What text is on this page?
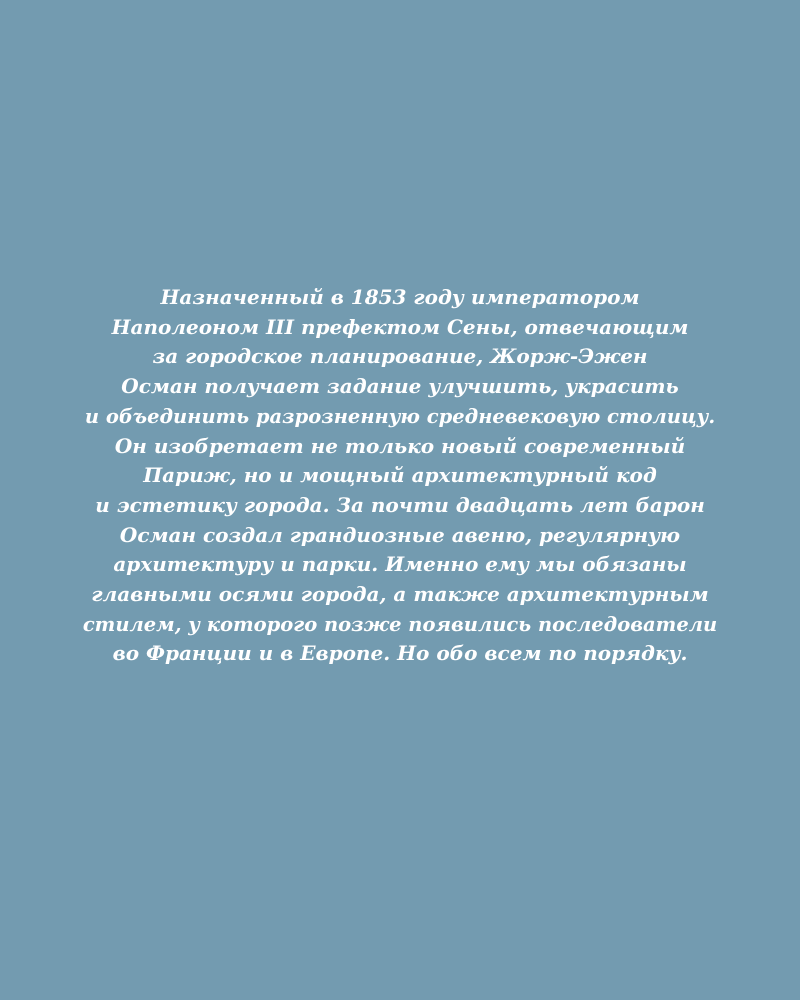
Назначенный в 1853 году императором
Наполеоном III префектом Сены, отвечающим
за городское планирование, Жорж-Эжен
Осман получает задание улучшить, украсить
и объединить разрозненную средневековую столицу.
Он изобретает не только новый современный
Париж, но и мощный архитектурный код
и эстетику города. За почти двадцать лет барон
Осман создал грандиозные авеню, регулярную
архитектуру и парки. Именно ему мы обязаны
главными осями города, а также архитектурным
стилем, у которого позже появились последователи
во Франции и в Европе. Но обо всем по порядку.
